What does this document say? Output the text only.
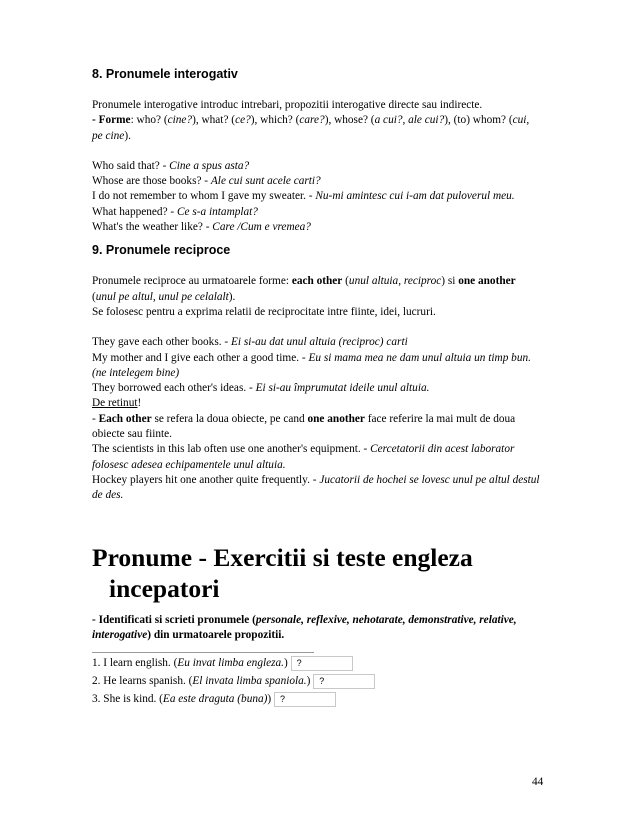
8. Pronumele interogativ

Pronumele interogative introduc intrebari, propozitii interogative directe sau indirecte.

- Forme: who? (cine?), what? (ce?), which? (care?), whose? (a cui?, ale cui?), (to) whom? (cui, pe cine).

Who said that? - Cine a spus asta?

Whose are those books? - Ale cui sunt acele carti?

I do not remember to whom I gave my sweater. - Nu-mi amintesc cui i-am dat puloverul meu.

What happened? - Ce s-a intamplat?

What's the weather like? - Care /Cum e vremea?

9. Pronumele reciproce

Pronumele reciproce au urmatoarele forme: each other (unul altuia, reciproc) si one another (unul pe altul, unul pe celalalt).

Se folosesc pentru a exprima relatii de reciprocitate intre fiinte, idei, lucruri.

They gave each other books. - Ei si-au dat unul altuia (reciproc) carti

My mother and I give each other a good time. - Eu si mama mea ne dam unul altuia un timp bun. (ne intelegem bine)

They borrowed each other's ideas. - Ei si-au împrumutat ideile unul altuia.

De retinut!

- Each other se refera la doua obiecte, pe cand one another face referire la mai mult de doua obiecte sau fiinte.

The scientists in this lab often use one another's equipment. - Cercetatorii din acest laborator folosesc adesea echipamentele unul altuia.

Hockey players hit one another quite frequently. - Jucatorii de hochei se lovesc unul pe altul destul de des.

Pronume - Exercitii si teste engleza
incepatori

- Identificati si scrieti pronumele (personale, reflexive, nehotarate, demonstrative, relative, interogative) din urmatoarele propozitii.

1. I learn english. (Eu invat limba engleza.) ?
2. He learns spanish. (El invata limba spaniola.) ?
3. She is kind. (Ea este draguta (buna)) ?
44
